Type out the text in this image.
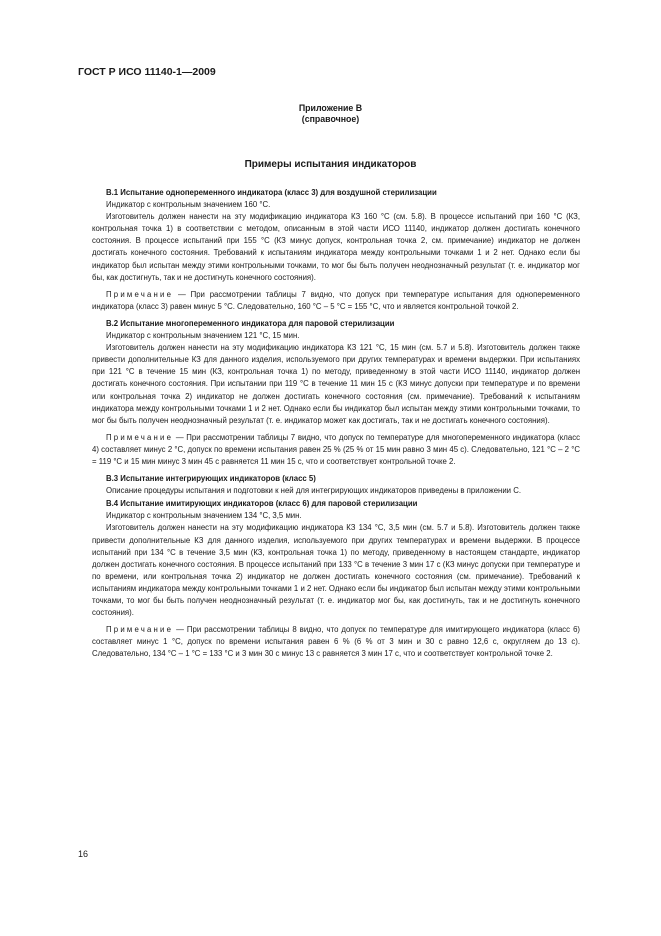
ГОСТ Р ИСО 11140-1—2009
Приложение В
(справочное)
Примеры испытания индикаторов

В.1 Испытание однопеременного индикатора (класс 3) для воздушной стерилизации

Индикатор с контрольным значением 160 °С.

Изготовитель должен нанести на эту модификацию индикатора КЗ 160 °С (см. 5.8). В процессе испытаний при 160 °С (КЗ, контрольная точка 1) в соответствии с методом, описанным в этой части ИСО 11140, индикатор должен достигать конечного состояния. В процессе испытаний при 155 °С (КЗ минус допуск, контрольная точка 2, см. примечание) индикатор не должен достигать конечного состояния. Требований к испытаниям индикатора между контрольными точками 1 и 2 нет. Однако если бы индикатор был испытан между этими контрольными точками, то мог бы быть получен неоднозначный результат (т. е. индикатор мог бы, как достигнуть, так и не достигнуть конечного состояния).

Примечание — При рассмотрении таблицы 7 видно, что допуск при температуре испытания для однопеременного индикатора (класс 3) равен минус 5 °С. Следовательно, 160 °С – 5 °С = 155 °С, что и является контрольной точкой 2.

В.2 Испытание многопеременного индикатора для паровой стерилизации

Индикатор с контрольным значением 121 °С, 15 мин.

Изготовитель должен нанести на эту модификацию индикатора КЗ 121 °С, 15 мин (см. 5.7 и 5.8). Изготовитель должен также привести дополнительные КЗ для данного изделия, используемого при других температурах и времени выдержки. При испытаниях при 121 °С в течение 15 мин (КЗ, контрольная точка 1) по методу, приведенному в этой части ИСО 11140, индикатор должен достигать конечного состояния. При испытании при 119 °С в течение 11 мин 15 с (КЗ минус допуски при температуре и по времени или контрольная точка 2) индикатор не должен достигать конечного состояния (см. примечание). Требований к испытаниям индикатора между контрольными точками 1 и 2 нет. Однако если бы индикатор был испытан между этими контрольными точками, то мог бы быть получен неоднозначный результат (т. е. индикатор может как достигать, так и не достигать конечного состояния).

Примечание — При рассмотрении таблицы 7 видно, что допуск по температуре для многопеременного индикатора (класс 4) составляет минус 2 °С, допуск по времени испытания равен 25 % (25 % от 15 мин равно 3 мин 45 с). Следовательно, 121 °С – 2 °С = 119 °С и 15 мин минус 3 мин 45 с равняется 11 мин 15 с, что и соответствует контрольной точке 2.

В.3 Испытание интегрирующих индикаторов (класс 5)

Описание процедуры испытания и подготовки к ней для интегрирующих индикаторов приведены в приложении С.

В.4 Испытание имитирующих индикаторов (класс 6) для паровой стерилизации

Индикатор с контрольным значением 134 °С, 3,5 мин.

Изготовитель должен нанести на эту модификацию индикатора КЗ 134 °С, 3,5 мин (см. 5.7 и 5.8). Изготовитель должен также привести дополнительные КЗ для данного изделия, используемого при других температурах и времени выдержки. В процессе испытаний при 134 °С в течение 3,5 мин (КЗ, контрольная точка 1) по методу, приведенному в настоящем стандарте, индикатор должен достигать конечного состояния. В процессе испытаний при 133 °С в течение 3 мин 17 с (КЗ минус допуски при температуре и по времени, или контрольная точка 2) индикатор не должен достигать конечного состояния (см. примечание). Требований к испытаниям индикатора между контрольными точками 1 и 2 нет. Однако если бы индикатор был испытан между этими контрольными точками, то мог бы быть получен неоднозначный результат (т. е. индикатор мог бы, как достигнуть, так и не достигнуть конечного состояния).

Примечание — При рассмотрении таблицы 8 видно, что допуск по температуре для имитирующего индикатора (класс 6) составляет минус 1 °С, допуск по времени испытания равен 6 % (6 % от 3 мин и 30 с равно 12,6 с, округляем до 13 с). Следовательно, 134 °С – 1 °С = 133 °С и 3 мин 30 с минус 13 с равняется 3 мин 17 с, что и соответствует контрольной точке 2.

16
